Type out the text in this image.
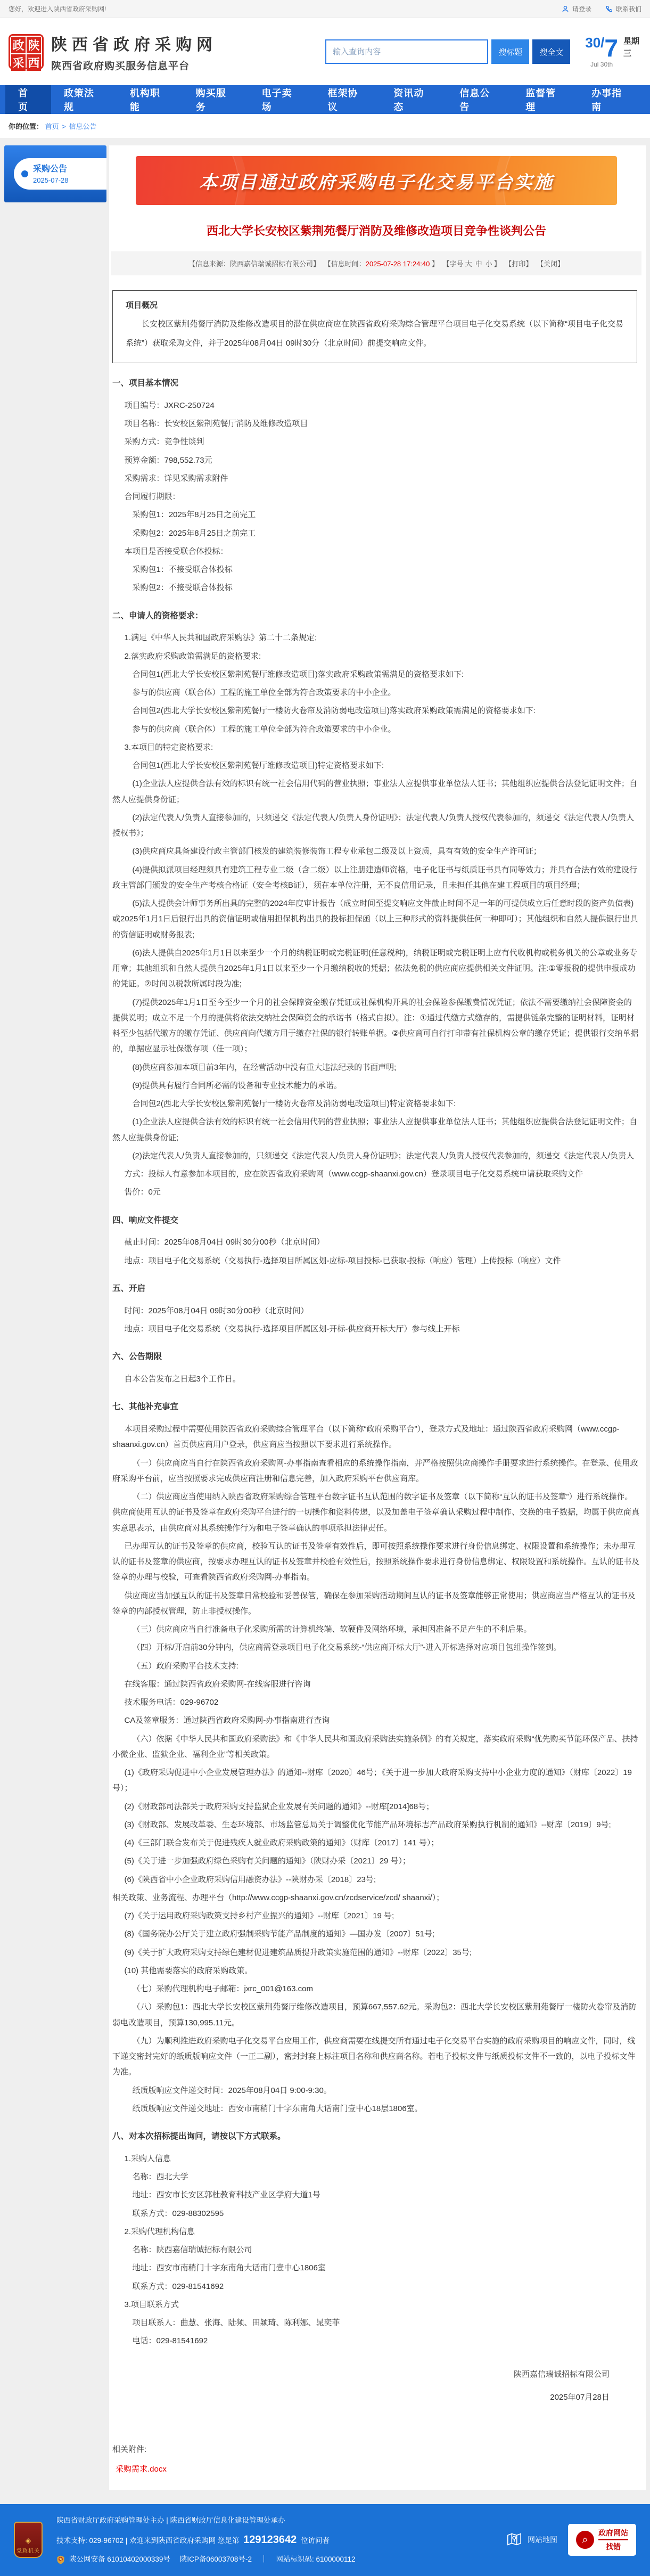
您好，欢迎进入陕西省政府采购网!	请登录	联系我们
政 陕
采 西
陕西省政府采购网
陕西省政府购买服务信息平台
输入查询内容
搜标题	搜全文
30/7
Jul 30th
星期三
首页
政策法规
机构职能
购买服务
电子卖场
框架协议
资讯动态
信息公告
监督管理
办事指南
你的位置： 首页 > 信息公告
采购公告
2025-07-28	本项目通过政府采购电子化交易平台实施
西北大学长安校区紫荆苑餐厅消防及维修改造项目竞争性谈判公告
【信息来源：陕西嘉信瑞诚招标有限公司】 【信息时间：2025-07-28 17:24:40 】 【字号 大 中 小 】 【打印】 【关闭】
项目概况
长安校区紫荆苑餐厅消防及维修改造项目的潜在供应商应在陕西省政府采购综合管理平台项目电子化交易系统（以下简称“项目电子化交易系统”）获取采购文件，并于2025年08月04日 09时30分（北京时间）前提交响应文件。

一、项目基本情况

项目编号：JXRC-250724

项目名称：长安校区紫荆苑餐厅消防及维修改造项目

采购方式：竞争性谈判

预算金额：798,552.73元

采购需求：详见采购需求附件

合同履行期限：

采购包1：2025年8月25日之前完工

采购包2：2025年8月25日之前完工

本项目是否接受联合体投标：

采购包1：不接受联合体投标

采购包2：不接受联合体投标

二、申请人的资格要求：

1.满足《中华人民共和国政府采购法》第二十二条规定;

2.落实政府采购政策需满足的资格要求:

合同包1(西北大学长安校区紫荆苑餐厅维修改造项目)落实政府采购政策需满足的资格要求如下:

参与的供应商（联合体）工程的施工单位全部为符合政策要求的中小企业。

合同包2(西北大学长安校区紫荆苑餐厅一楼防火卷帘及消防弱电改造项目)落实政府采购政策需满足的资格要求如下:

参与的供应商（联合体）工程的施工单位全部为符合政策要求的中小企业。

3.本项目的特定资格要求:

合同包1(西北大学长安校区紫荆苑餐厅维修改造项目)特定资格要求如下:

(1)企业法人应提供合法有效的标识有统一社会信用代码的营业执照；事业法人应提供事业单位法人证书；其他组织应提供合法登记证明文件；自然人应提供身份证；

(2)法定代表人/负责人直接参加的，只须递交《法定代表人/负责人身份证明》；法定代表人/负责人授权代表参加的，须递交《法定代表人/负责人授权书》；

(3)供应商应具备建设行政主管部门核发的建筑装修装饰工程专业承包二级及以上资质，具有有效的安全生产许可证；

(4)提供拟派项目经理须具有建筑工程专业二级（含二级）以上注册建造师资格，电子化证书与纸质证书具有同等效力；并具有合法有效的建设行政主管部门颁发的安全生产考核合格证（安全考核B证），须在本单位注册，无不良信用记录，且未担任其他在建工程项目的项目经理；

(5)法人提供会计师事务所出具的完整的2024年度审计报告（成立时间至提交响应文件截止时间不足一年的可提供成立后任意时段的资产负债表)或2025年1月1日后银行出具的资信证明或信用担保机构出具的投标担保函（以上三种形式的资料提供任何一种即可）；其他组织和自然人提供银行出具的资信证明或财务报表;

(6)法人提供自2025年1月1日以来至少一个月的纳税证明或完税证明(任意税种)，纳税证明或完税证明上应有代收机构或税务机关的公章或业务专用章；其他组织和自然人提供自2025年1月1日以来至少一个月缴纳税收的凭据；依法免税的供应商应提供相关文件证明。注:①零报税的提供申报成功的凭证。②时间以税款所属时段为准;

(7)提供2025年1月1日至今至少一个月的社会保障资金缴存凭证或社保机构开具的社会保险参保缴费情况凭证；依法不需要缴纳社会保障资金的提供说明；成立不足一个月的提供将依法交纳社会保障资金的承诺书（格式自拟）。注：①通过代缴方式缴存的，需提供链条完整的证明材料，证明材料至少包括代缴方的缴存凭证、供应商向代缴方用于缴存社保的银行转账单据。②供应商可自行打印带有社保机构公章的缴存凭证；提供银行交纳单据的，单据应显示社保缴存项（任一项）；

(8)供应商参加本项目前3年内，在经营活动中没有重大违法纪录的书面声明;

(9)提供具有履行合同所必需的设备和专业技术能力的承诺。

合同包2(西北大学长安校区紫荆苑餐厅一楼防火卷帘及消防弱电改造项目)特定资格要求如下:

(1)企业法人应提供合法有效的标识有统一社会信用代码的营业执照；事业法人应提供事业单位法人证书；其他组织应提供合法登记证明文件；自然人应提供身份证;

(2)法定代表人/负责人直接参加的，只须递交《法定代表人/负责人身份证明》；法定代表人/负责人授权代表参加的，须递交《法定代表人/负责人

方式：投标人有意参加本项目的，应在陕西省政府采购网（www.ccgp-shaanxi.gov.cn）登录项目电子化交易系统申请获取采购文件

售价：0元

四、响应文件提交

截止时间：2025年08月04日 09时30分00秒（北京时间）

地点：项目电子化交易系统（交易执行-选择项目所属区划-应标-项目投标-已获取-投标（响应）管理）上传投标（响应）文件

五、开启

时间：2025年08月04日 09时30分00秒（北京时间）

地点：项目电子化交易系统（交易执行-选择项目所属区划-开标-供应商开标大厅）参与线上开标

六、公告期限

自本公告发布之日起3个工作日。

七、其他补充事宜

本项目采购过程中需要使用陕西省政府采购综合管理平台（以下简称“政府采购平台”），登录方式及地址：通过陕西省政府采购网（www.ccgp-shaanxi.gov.cn）首页供应商用户登录，供应商应当按照以下要求进行系统操作。

（一）供应商应当自行在陕西省政府采购网-办事指南查看相应的系统操作指南，并严格按照供应商操作手册要求进行系统操作。在登录、使用政府采购平台前，应当按照要求完成供应商注册和信息完善，加入政府采购平台供应商库。

（二）供应商应当使用纳入陕西省政府采购综合管理平台数字证书互认范围的数字证书及签章（以下简称“互认的证书及签章”）进行系统操作。供应商使用互认的证书及签章在政府采购平台进行的一切操作和资料传递，以及加盖电子签章确认采购过程中制作、交换的电子数据，均属于供应商真实意思表示，由供应商对其系统操作行为和电子签章确认的事项承担法律责任。

已办理互认的证书及签章的供应商，校验互认的证书及签章有效性后，即可按照系统操作要求进行身份信息绑定、权限设置和系统操作；未办理互认的证书及签章的供应商，按要求办理互认的证书及签章并校验有效性后，按照系统操作要求进行身份信息绑定、权限设置和系统操作。互认的证书及签章的办理与校验，可查看陕西省政府采购网-办事指南。

供应商应当加强互认的证书及签章日常校验和妥善保管，确保在参加采购活动期间互认的证书及签章能够正常使用；供应商应当严格互认的证书及签章的内部授权管理，防止非授权操作。

（三）供应商应当自行准备电子化采购所需的计算机终端、软硬件及网络环境，承担因准备不足产生的不利后果。

（四）开标/开启前30分钟内，供应商需登录项目电子化交易系统-“供应商开标大厅”-进入开标选择对应项目包组操作签到。

（五）政府采购平台技术支持:

在线客服：通过陕西省政府采购网-在线客服进行咨询

技术服务电话：029-96702

CA及签章服务：通过陕西省政府采购网-办事指南进行查询

（六）依据《中华人民共和国政府采购法》和《中华人民共和国政府采购法实施条例》的有关规定，落实政府采购“优先购买节能环保产品、扶持小微企业、监狱企业、福利企业”等相关政策。

(1)《政府采购促进中小企业发展管理办法》的通知--财库〔2020〕46号；《关于进一步加大政府采购支持中小企业力度的通知》（财库〔2022〕19号）；

(2)《财政部司法部关于政府采购支持监狱企业发展有关问题的通知》--财库[2014]68号；

(3)《财政部、发展改革委、生态环境部、市场监管总局关于调整优化节能产品环境标志产品政府采购执行机制的通知》--财库〔2019〕9号;

(4)《三部门联合发布关于促进残疾人就业政府采购政策的通知》（财库〔2017〕141 号）；

(5)《关于进一步加强政府绿色采购有关问题的通知》（陕财办采〔2021〕29 号）；

(6)《陕西省中小企业政府采购信用融资办法》--陕财办采〔2018〕23号;

相关政策、业务流程、办理平台（http://www.ccgp-shaanxi.gov.cn/zcdservice/zcd/ shaanxi/）；

(7)《关于运用政府采购政策支持乡村产业振兴的通知》--财库〔2021〕19 号;

(8)《国务院办公厅关于建立政府强制采购节能产品制度的通知》—国办发〔2007〕51号;

(9)《关于扩大政府采购支持绿色建材促进建筑品质提升政策实施范围的通知》--财库〔2022〕35号;

(10) 其他需要落实的政府采购政策。

（七）采购代理机构电子邮箱：jxrc_001@163.com

（八）采购包1：西北大学长安校区紫荆苑餐厅维修改造项目，预算667,557.62元。采购包2：西北大学长安校区紫荆苑餐厅一楼防火卷帘及消防弱电改造项目，预算130,995.11元。

（九）为顺利推进政府采购电子化交易平台应用工作，供应商需要在线提交所有通过电子化交易平台实施的政府采购项目的响应文件，同时，线下递交密封完好的纸质版响应文件（一正二副），密封封套上标注项目名称和供应商名称。若电子投标文件与纸质投标文件不一致的，以电子投标文件为准。

纸质版响应文件递交时间：2025年08月04日 9:00-9:30。

纸质版响应文件递交地址：西安市南稍门十字东南角大话南门壹中心18层1806室。

八、对本次招标提出询问，请按以下方式联系。

1.采购人信息

名称：西北大学

地址：西安市长安区郭杜教育科技产业区学府大道1号

联系方式：029-88302595

2.采购代理机构信息

名称：陕西嘉信瑞诚招标有限公司

地址：西安市南稍门十字东南角大话南门壹中心1806室

联系方式：029-81541692

3.项目联系方式

项目联系人：曲慧、张海、陆频、田颖琦、陈利娜、晁奕菲

电话：029-81541692

陕西嘉信瑞诚招标有限公司
2025年07月28日
相关附件:
采购需求.docx
◈
党政机关
陕西省财政厅政府采购管理处主办 | 陕西省财政厅信息化建设管理处承办
技术支持: 029-96702 | 欢迎来到陕西省政府采购网 您是第 129123642 位访问者
陕公网安备 61010402000339号 陕ICP备06003708号-2 ｜ 网站标识码: 6100000112
网站地图	⌕
政府网站
找错
